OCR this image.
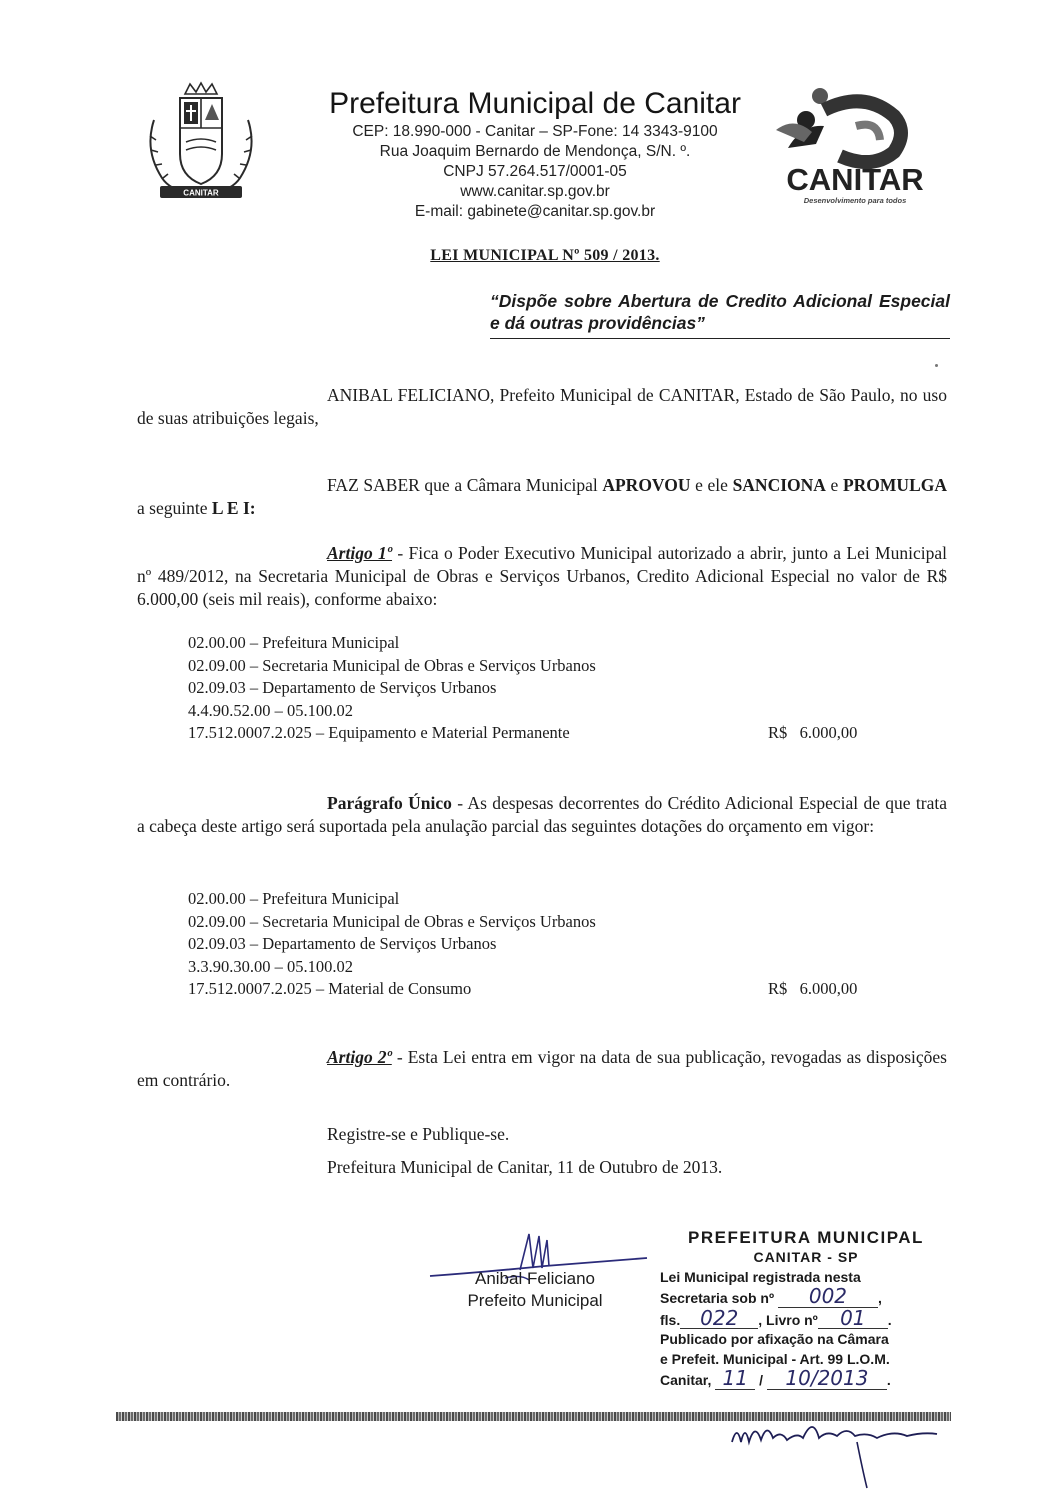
CANITAR
Prefeitura Municipal de Canitar
CEP: 18.990-000 - Canitar – SP-Fone: 14 3343-9100
Rua Joaquim Bernardo de Mendonça, S/N. º.
CNPJ 57.264.517/0001-05
www.canitar.sp.gov.br
E-mail: gabinete@canitar.sp.gov.br
CANITAR
Desenvolvimento para todos
LEI MUNICIPAL Nº 509 / 2013.
“Dispõe sobre Abertura de Credito Adicional Especial e dá outras providências”
ANIBAL FELICIANO, Prefeito Municipal de CANITAR, Estado de São Paulo, no uso de suas atribuições legais,
FAZ SABER que a Câmara Municipal APROVOU e ele SANCIONA e PROMULGA a seguinte L E I:
Artigo 1º - Fica o Poder Executivo Municipal autorizado a abrir, junto a Lei Municipal nº 489/2012, na Secretaria Municipal de Obras e Serviços Urbanos, Credito Adicional Especial no valor de R$ 6.000,00 (seis mil reais), conforme abaixo:
02.00.00 – Prefeitura Municipal
02.09.00 – Secretaria Municipal de Obras e Serviços Urbanos
02.09.03 – Departamento de Serviços Urbanos
4.4.90.52.00 – 05.100.02
17.512.0007.2.025 – Equipamento e Material Permanente	R$   6.000,00
Parágrafo Único - As despesas decorrentes do Crédito Adicional Especial de que trata a cabeça deste artigo será suportada pela anulação parcial das seguintes dotações do orçamento em vigor:
02.00.00 – Prefeitura Municipal
02.09.00 – Secretaria Municipal de Obras e Serviços Urbanos
02.09.03 – Departamento de Serviços Urbanos
3.3.90.30.00 – 05.100.02
17.512.0007.2.025 – Material de Consumo	R$   6.000,00
Artigo 2º - Esta Lei entra em vigor na data de sua publicação, revogadas as disposições em contrário.
Registre-se e Publique-se.
Prefeitura Municipal de Canitar, 11 de Outubro de 2013.
Anibal Feliciano
Prefeito Municipal
PREFEITURA MUNICIPAL
CANITAR - SP
Lei Municipal registrada nesta
Secretaria sob nº 002 ,
fls. 022 , Livro nº 01 .
Publicado por afixação na Câmara
e Prefeit. Municipal - Art. 99 L.O.M.
Canitar, 11 / 10/2013 .
